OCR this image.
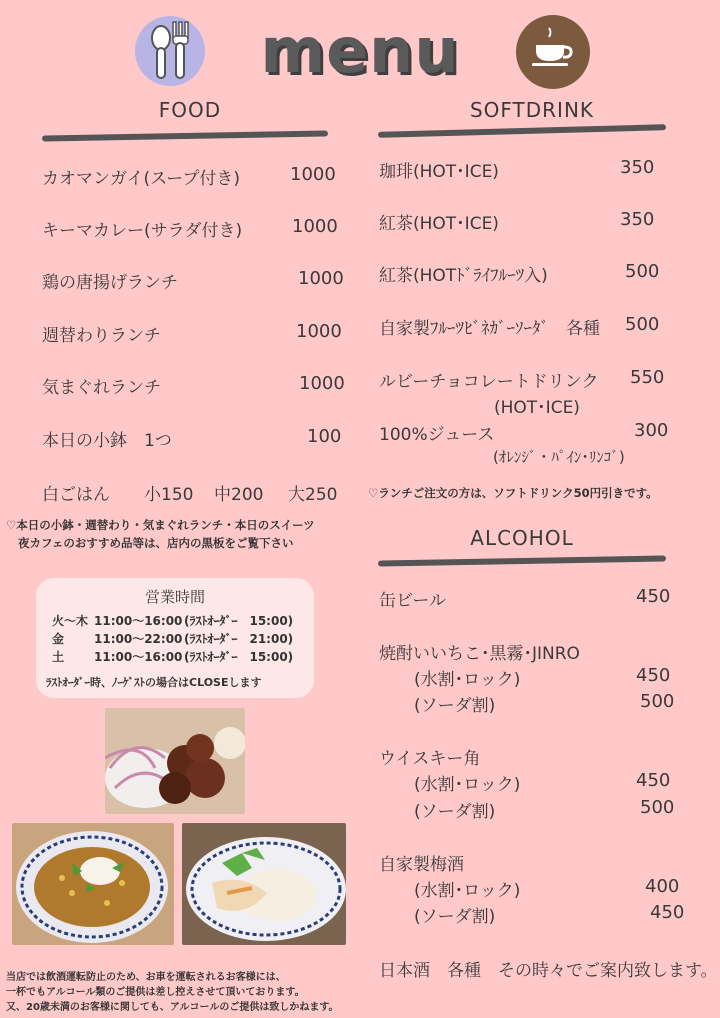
menu
FOOD
カオマンガイ(スープ付き)	1000
キーマカレー(サラダ付き)	1000
鶏の唐揚げランチ	1000
週替わりランチ	1000
気まぐれランチ	1000
本日の小鉢　1つ	100
白ごはん 小150 中200 大250
♡本日の小鉢・週替わり・気まぐれランチ・本日のスイーツ
夜カフェのおすすめ品等は、店内の黒板をご覧下さい
営業時間
火～木 11:00～16:00 (ﾗｽﾄｵｰﾀﾞｰ　15:00)
金 11:00～22:00 (ﾗｽﾄｵｰﾀﾞｰ　21:00)
土 11:00～16:00 (ﾗｽﾄｵｰﾀﾞｰ　15:00)
ﾗｽﾄｵｰﾀﾞｰ時、ﾉｰｹﾞｽﾄの場合はCLOSEします
SOFTDRINK
珈琲(HOT･ICE)	350
紅茶(HOT･ICE)	350
紅茶(HOTﾄﾞﾗｲﾌﾙｰﾂ入)	500
自家製ﾌﾙｰﾂﾋﾞﾈｶﾞｰｿｰﾀﾞ　各種 500
ルビーチョコレートドリンク 550
(HOT･ICE)
100%ジュース	300
(ｵﾚﾝｼﾞ・ﾊﾟｲﾝ･ﾘﾝｺﾞ)
♡ランチご注文の方は、ソフトドリンク50円引きです。
ALCOHOL
缶ビール	450
焼酎いいちこ･黒霧･JINRO
(水割･ロック)	450
(ソーダ割)	500
ウイスキー角
(水割･ロック)	450
(ソーダ割)	500
自家製梅酒
(水割･ロック)	400
(ソーダ割)	450
日本酒　各種　その時々でご案内致します。
当店では飲酒運転防止のため、お車を運転されるお客様には、
一杯でもアルコール類のご提供は差し控えさせて頂いております。
又、20歳未満のお客様に関しても、アルコールのご提供は致しかねます。
